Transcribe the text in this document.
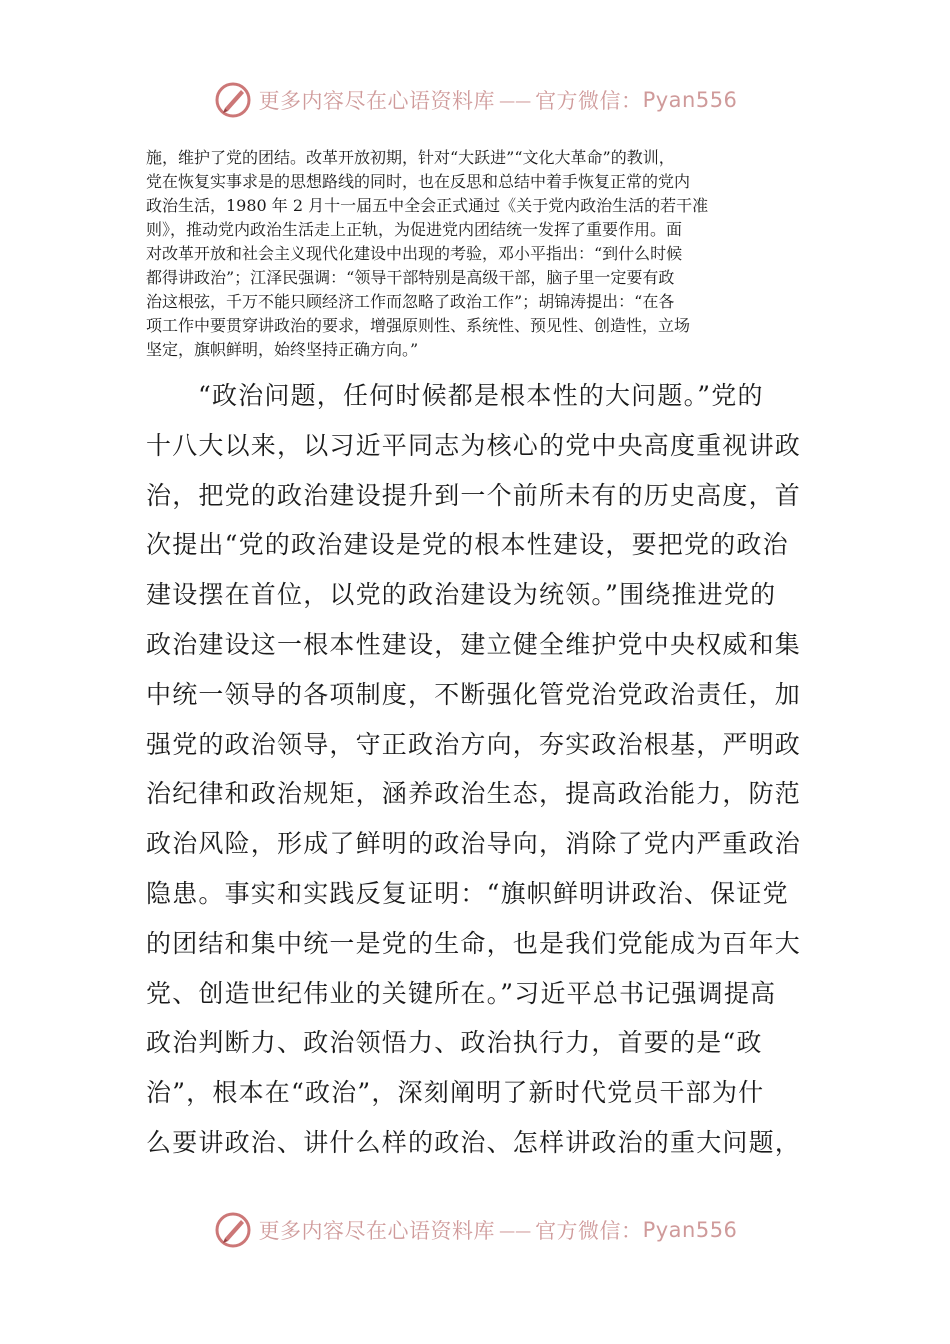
更多内容尽在心语资料库 —— 官方微信： Pyan556
施，维护了党的团结。改革开放初期，针对“大跃进”“文化大革命”的教训，
党在恢复实事求是的思想路线的同时，也在反思和总结中着手恢复正常的党内
政治生活，1980 年 2 月十一届五中全会正式通过《关于党内政治生活的若干准
则》，推动党内政治生活走上正轨，为促进党内团结统一发挥了重要作用。面
对改革开放和社会主义现代化建设中出现的考验，邓小平指出：“到什么时候
都得讲政治”；江泽民强调：“领导干部特别是高级干部，脑子里一定要有政
治这根弦，千万不能只顾经济工作而忽略了政治工作”；胡锦涛提出：“在各
项工作中要贯穿讲政治的要求，增强原则性、系统性、预见性、创造性，立场
坚定，旗帜鲜明，始终坚持正确方向。”
“政治问题，任何时候都是根本性的大问题。”党的
十八大以来，以习近平同志为核心的党中央高度重视讲政
治，把党的政治建设提升到一个前所未有的历史高度，首
次提出“党的政治建设是党的根本性建设，要把党的政治
建设摆在首位，以党的政治建设为统领。”围绕推进党的
政治建设这一根本性建设，建立健全维护党中央权威和集
中统一领导的各项制度，不断强化管党治党政治责任，加
强党的政治领导，守正政治方向，夯实政治根基，严明政
治纪律和政治规矩，涵养政治生态，提高政治能力，防范
政治风险，形成了鲜明的政治导向，消除了党内严重政治
隐患。事实和实践反复证明：“旗帜鲜明讲政治、保证党
的团结和集中统一是党的生命，也是我们党能成为百年大
党、创造世纪伟业的关键所在。”习近平总书记强调提高
政治判断力、政治领悟力、政治执行力，首要的是“政
治”，根本在“政治”，深刻阐明了新时代党员干部为什
么要讲政治、讲什么样的政治、怎样讲政治的重大问题，
更多内容尽在心语资料库 —— 官方微信： Pyan556
